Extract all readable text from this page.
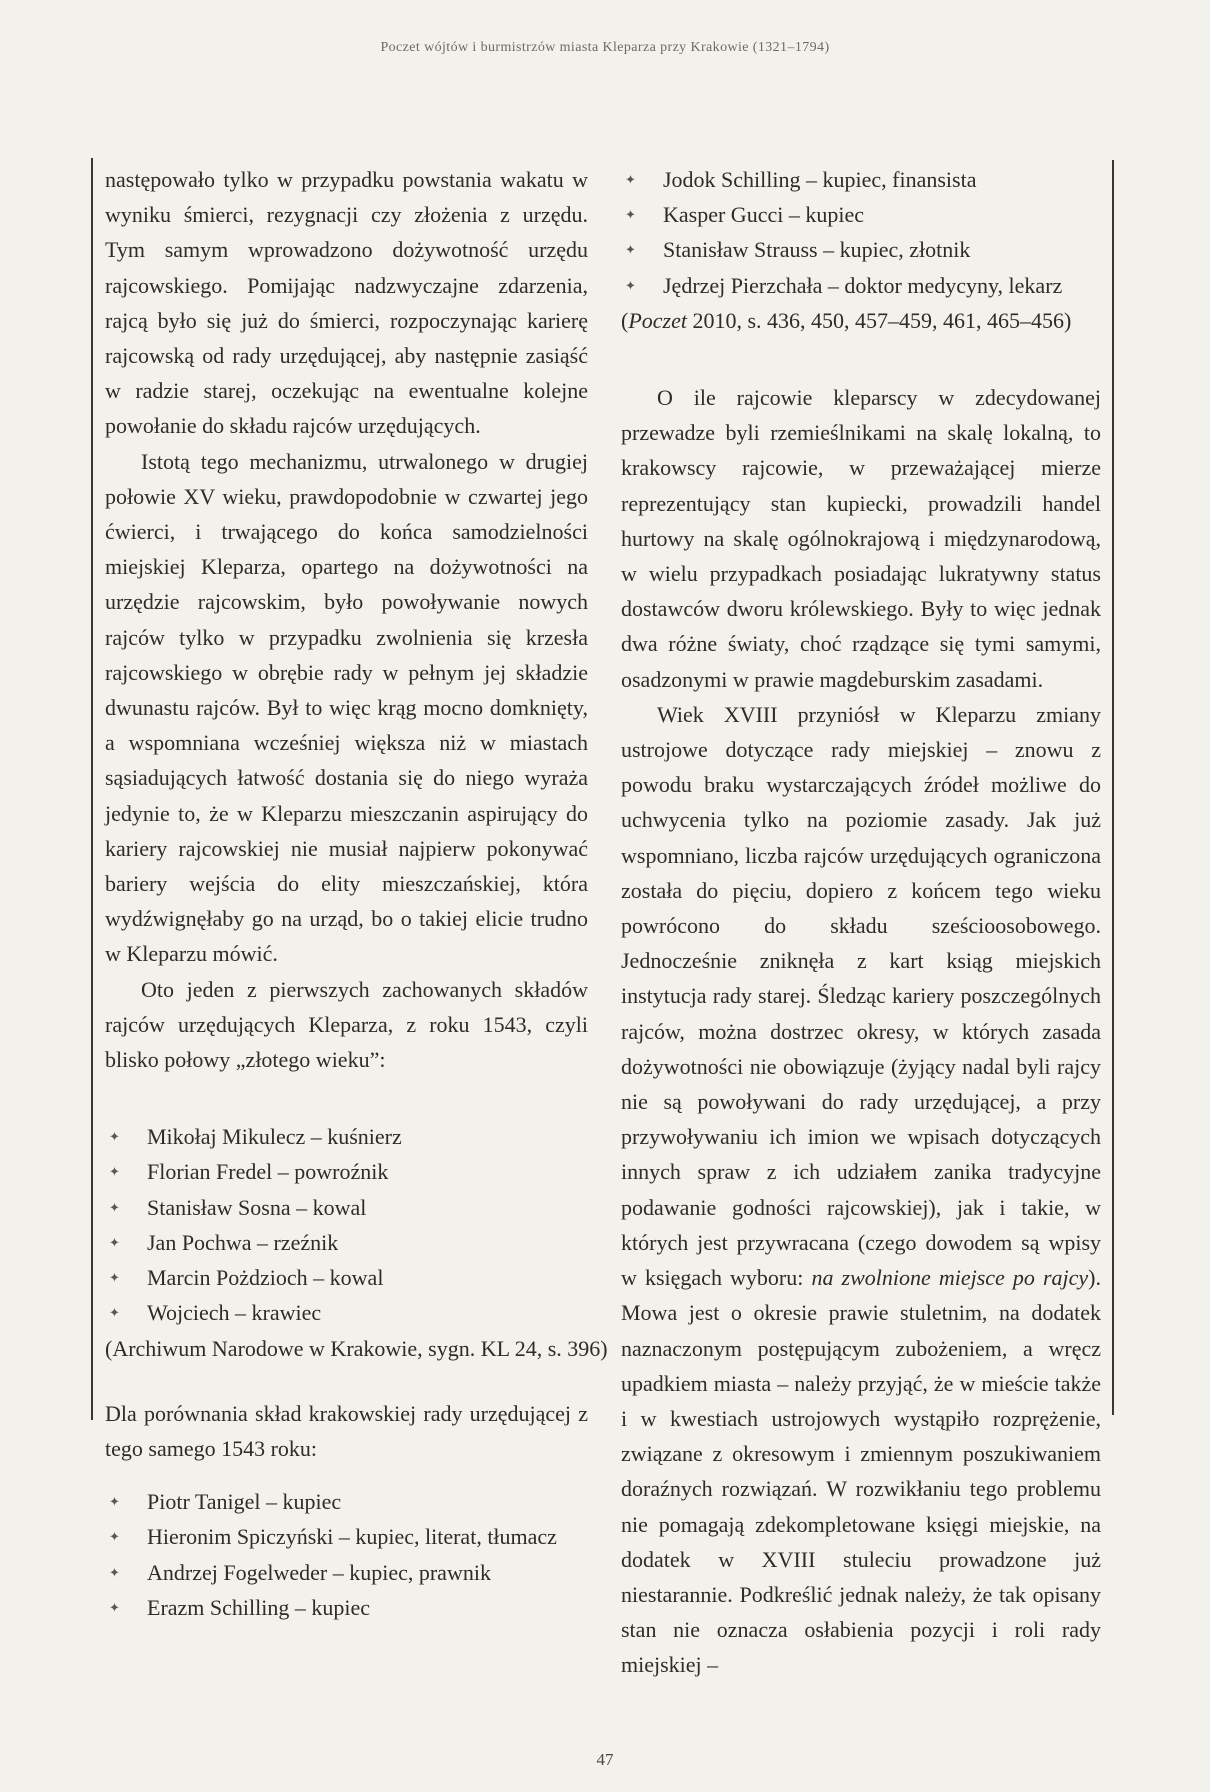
Poczet wójtów i burmistrzów miasta Kleparza przy Krakowie (1321–1794)

następowało tylko w przypadku powstania wakatu w wyniku śmierci, rezygnacji czy złożenia z urzędu. Tym samym wprowadzono dożywotność urzędu rajcowskiego. Pomijając nadzwyczajne zdarzenia, rajcą było się już do śmierci, rozpoczynając karierę rajcowską od rady urzędującej, aby następnie zasiąść w radzie starej, oczekując na ewentualne kolejne powołanie do składu rajców urzędujących.

Istotą tego mechanizmu, utrwalonego w drugiej połowie XV wieku, prawdopodobnie w czwartej jego ćwierci, i trwającego do końca samodzielności miejskiej Kleparza, opartego na dożywotności na urzędzie rajcowskim, było powoływanie nowych rajców tylko w przypadku zwolnienia się krzesła rajcowskiego w obrębie rady w pełnym jej składzie dwunastu rajców. Był to więc krąg mocno domknięty, a wspomniana wcześniej większa niż w miastach sąsiadujących łatwość dostania się do niego wyraża jedynie to, że w Kleparzu mieszczanin aspirujący do kariery rajcowskiej nie musiał najpierw pokonywać bariery wejścia do elity mieszczańskiej, która wydźwignęłaby go na urząd, bo o takiej elicie trudno w Kleparzu mówić.

Oto jeden z pierwszych zachowanych składów rajców urzędujących Kleparza, z roku 1543, czyli blisko połowy „złotego wieku”:

✦ Mikołaj Mikulecz – kuśnierz
✦ Florian Fredel – powroźnik
✦ Stanisław Sosna – kowal
✦ Jan Pochwa – rzeźnik
✦ Marcin Pożdzioch – kowal
✦ Wojciech – krawiec
(Archiwum Narodowe w Krakowie, sygn. KL 24, s. 396)

Dla porównania skład krakowskiej rady urzędującej z tego samego 1543 roku:

✦ Piotr Tanigel – kupiec
✦ Hieronim Spiczyński – kupiec, literat, tłumacz
✦ Andrzej Fogelweder – kupiec, prawnik
✦ Erazm Schilling – kupiec
✦ Jodok Schilling – kupiec, finansista
✦ Kasper Gucci – kupiec
✦ Stanisław Strauss – kupiec, złotnik
✦ Jędrzej Pierzchała – doktor medycyny, lekarz
(Poczet 2010, s. 436, 450, 457–459, 461, 465–456)

O ile rajcowie kleparscy w zdecydowanej przewadze byli rzemieślnikami na skalę lokalną, to krakowscy rajcowie, w przeważającej mierze reprezentujący stan kupiecki, prowadzili handel hurtowy na skalę ogólnokrajową i międzynarodową, w wielu przypadkach posiadając lukratywny status dostawców dworu królewskiego. Były to więc jednak dwa różne światy, choć rządzące się tymi samymi, osadzonymi w prawie magdeburskim zasadami.

Wiek XVIII przyniósł w Kleparzu zmiany ustrojowe dotyczące rady miejskiej – znowu z powodu braku wystarczających źródeł możliwe do uchwycenia tylko na poziomie zasady. Jak już wspomniano, liczba rajców urzędujących ograniczona została do pięciu, dopiero z końcem tego wieku powrócono do składu sześcioosobowego. Jednocześnie zniknęła z kart ksiąg miejskich instytucja rady starej. Śledząc kariery poszczególnych rajców, można dostrzec okresy, w których zasada dożywotności nie obowiązuje (żyjący nadal byli rajcy nie są powoływani do rady urzędującej, a przy przywoływaniu ich imion we wpisach dotyczących innych spraw z ich udziałem zanika tradycyjne podawanie godności rajcowskiej), jak i takie, w których jest przywracana (czego dowodem są wpisy w księgach wyboru: na zwolnione miejsce po rajcy). Mowa jest o okresie prawie stuletnim, na dodatek naznaczonym postępującym zubożeniem, a wręcz upadkiem miasta – należy przyjąć, że w mieście także i w kwestiach ustrojowych wystąpiło rozprężenie, związane z okresowym i zmiennym poszukiwaniem doraźnych rozwiązań. W rozwikłaniu tego problemu nie pomagają zdekompletowane księgi miejskie, na dodatek w XVIII stuleciu prowadzone już niestarannie. Podkreślić jednak należy, że tak opisany stan nie oznacza osłabienia pozycji i roli rady miejskiej –

47
